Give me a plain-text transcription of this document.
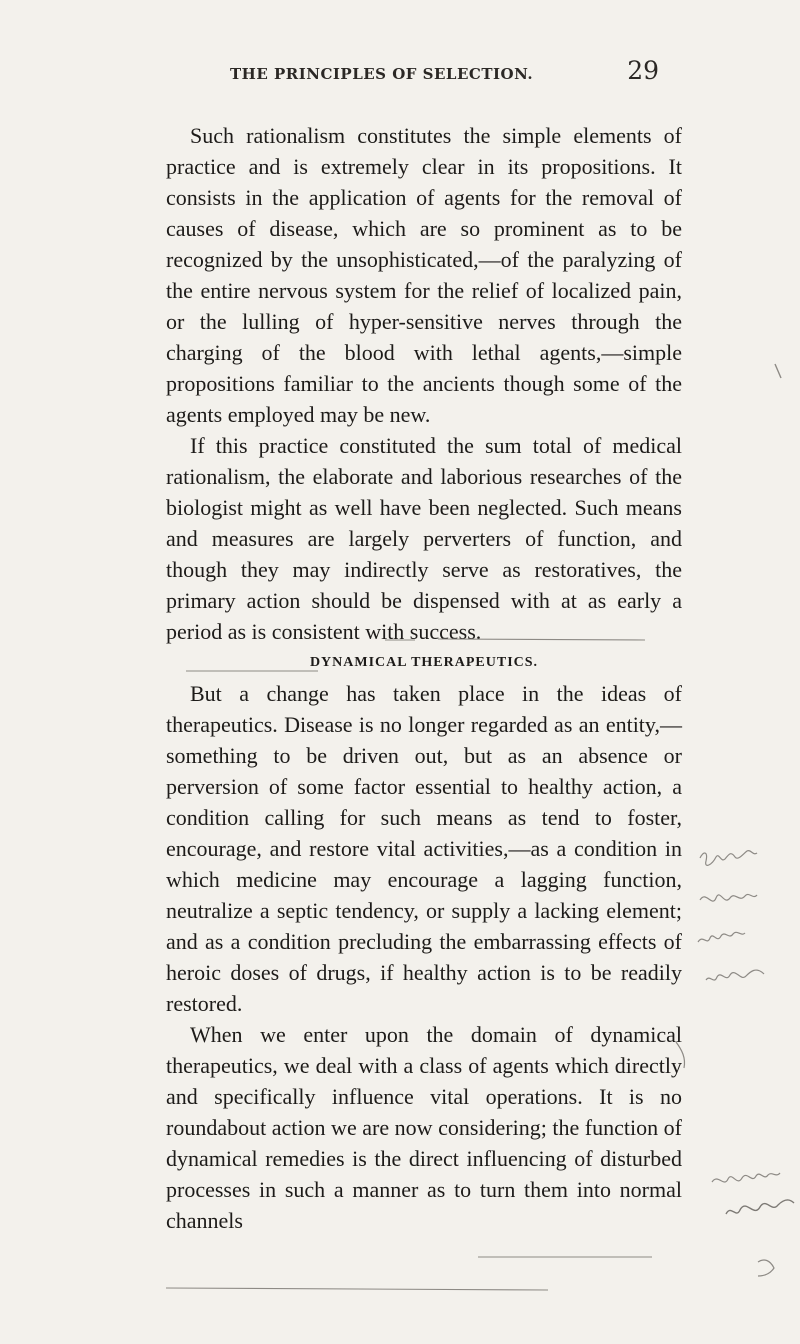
THE PRINCIPLES OF SELECTION.	29

Such rationalism constitutes the simple elements of practice and is extremely clear in its propositions. It consists in the application of agents for the removal of causes of disease, which are so prominent as to be recognized by the unsophisticated,—of the paralyzing of the entire nervous system for the relief of localized pain, or the lulling of hyper-sensitive nerves through the charging of the blood with lethal agents,—simple propositions familiar to the ancients though some of the agents employed may be new.

If this practice constituted the sum total of medical rationalism, the elaborate and laborious researches of the biologist might as well have been neglected. Such means and measures are largely perverters of function, and though they may indirectly serve as restoratives, the primary action should be dispensed with at as early a period as is consistent with success.

DYNAMICAL THERAPEUTICS.

But a change has taken place in the ideas of therapeutics. Disease is no longer regarded as an entity,—something to be driven out, but as an absence or perversion of some factor essential to healthy action, a condition calling for such means as tend to foster, encourage, and restore vital activities,—as a condition in which medicine may encourage a lagging function, neutralize a septic tendency, or supply a lacking element; and as a condition precluding the embarrassing effects of heroic doses of drugs, if healthy action is to be readily restored.

When we enter upon the domain of dynamical therapeutics, we deal with a class of agents which directly and specifically influence vital operations. It is no roundabout action we are now considering; the function of dynamical remedies is the direct influencing of disturbed processes in such a manner as to turn them into normal channels
